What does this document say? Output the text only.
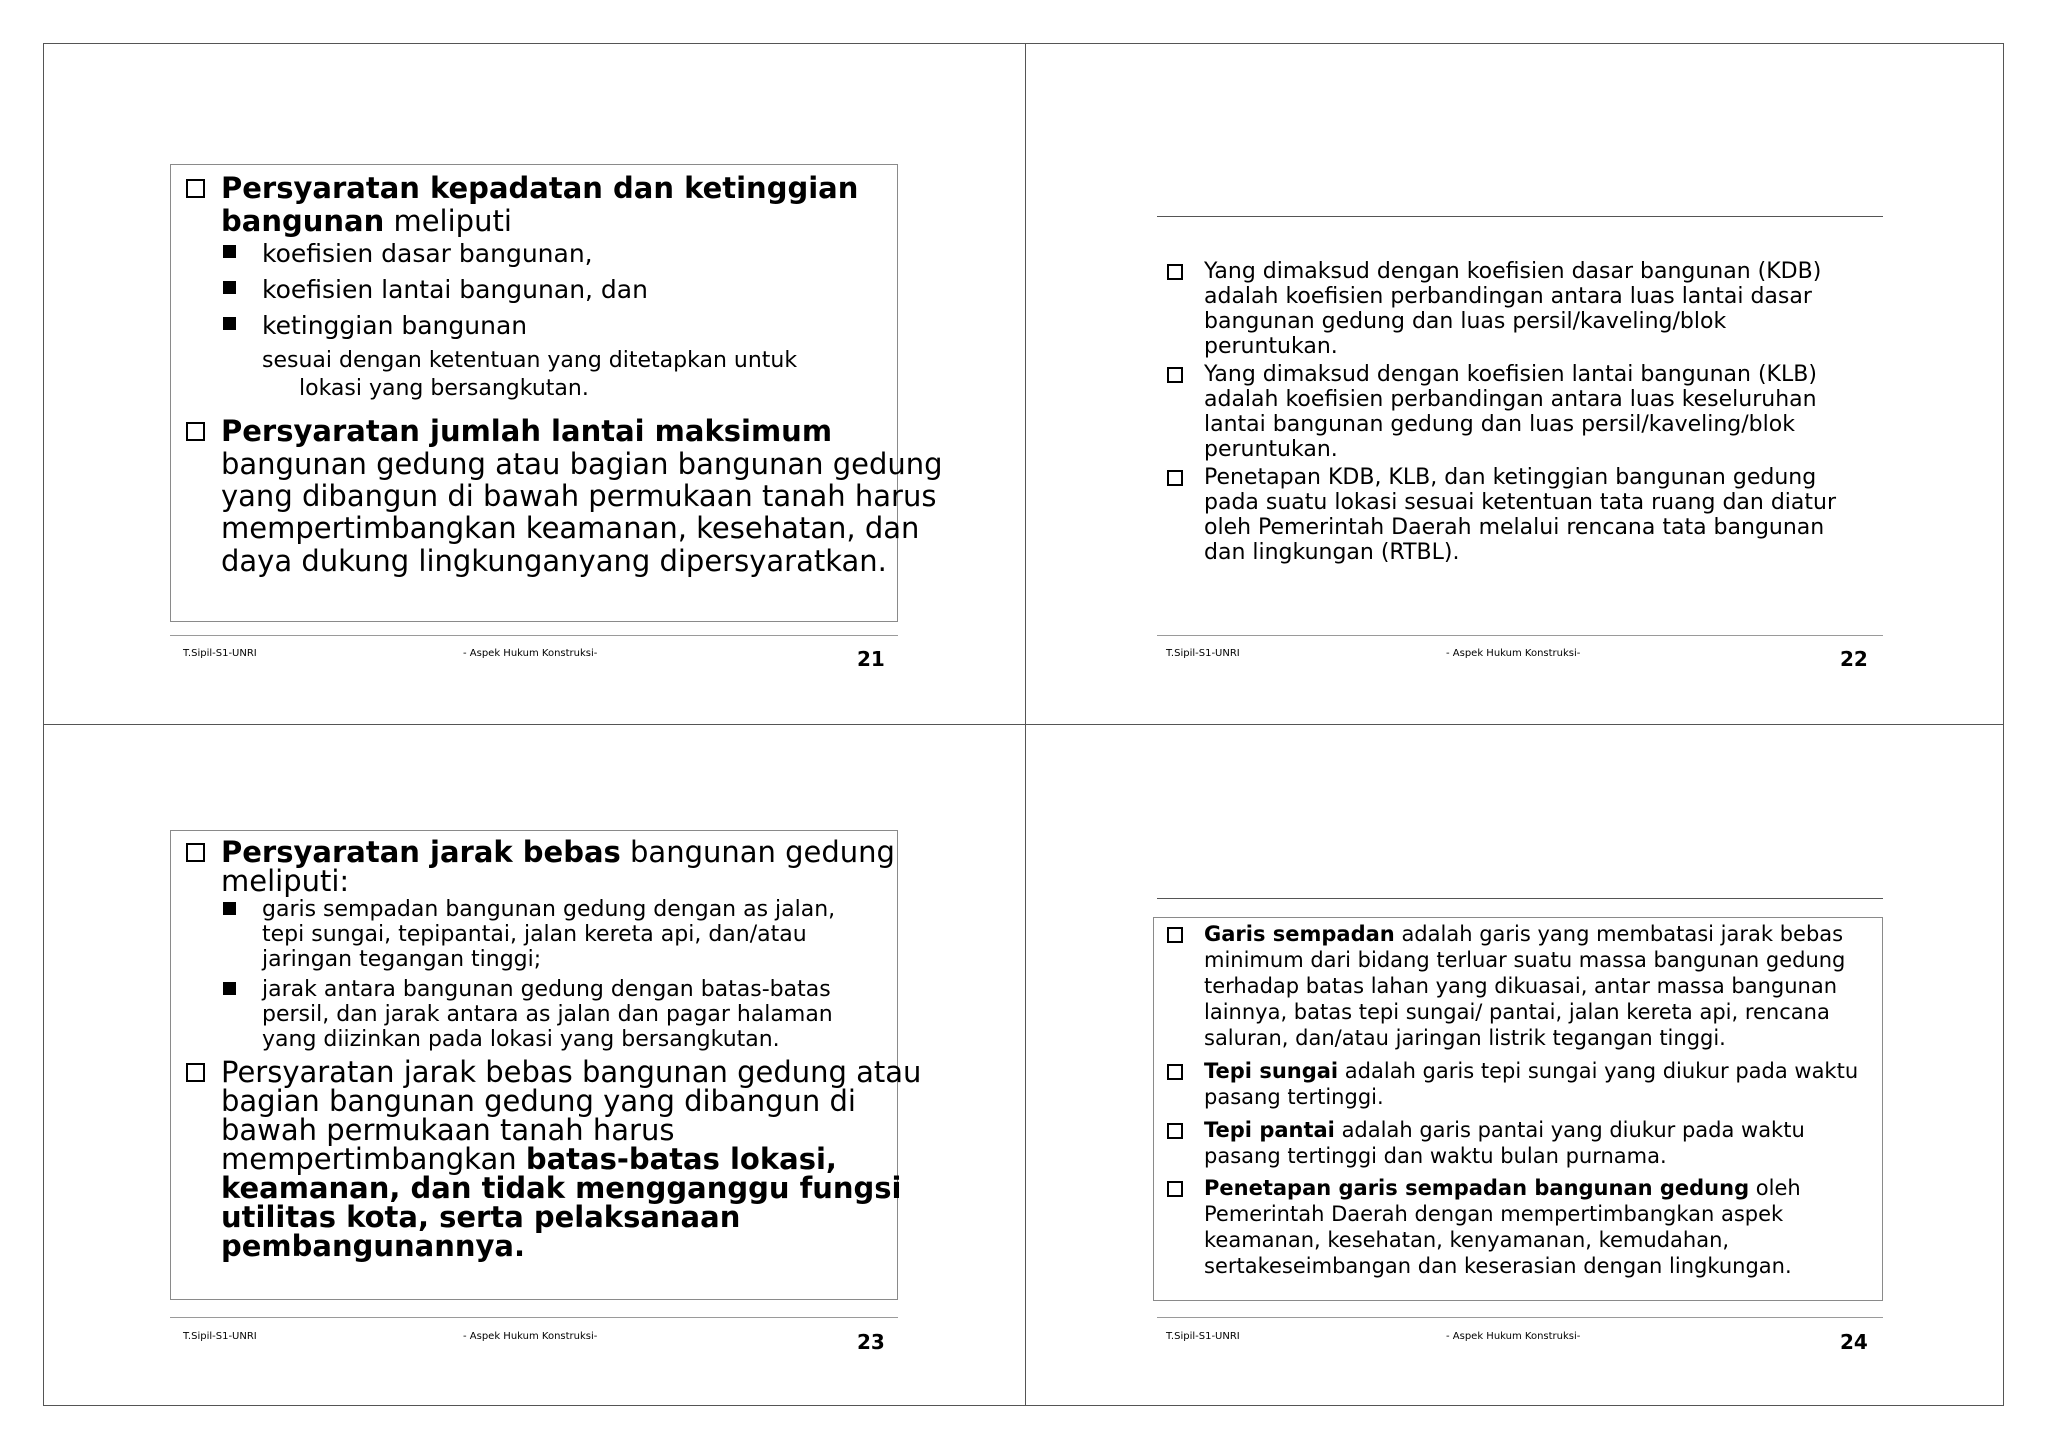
Persyaratan kepadatan dan ketinggian
bangunan meliputi
koefisien dasar bangunan,
koefisien lantai bangunan, dan
ketinggian bangunan
sesuai dengan ketentuan yang ditetapkan untuk
lokasi yang bersangkutan.
Persyaratan jumlah lantai maksimum
bangunan gedung atau bagian bangunan gedung
yang dibangun di bawah permukaan tanah harus
mempertimbangkan keamanan, kesehatan, dan
daya dukung lingkunganyang dipersyaratkan.
T.Sipil-S1-UNRI	- Aspek Hukum Konstruksi-	21
Yang dimaksud dengan koefisien dasar bangunan (KDB)
adalah koefisien perbandingan antara luas lantai dasar
bangunan gedung dan luas persil/kaveling/blok
peruntukan.
Yang dimaksud dengan koefisien lantai bangunan (KLB)
adalah koefisien perbandingan antara luas keseluruhan
lantai bangunan gedung dan luas persil/kaveling/blok
peruntukan.
Penetapan KDB, KLB, dan ketinggian bangunan gedung
pada suatu lokasi sesuai ketentuan tata ruang dan diatur
oleh Pemerintah Daerah melalui rencana tata bangunan
dan lingkungan (RTBL).
T.Sipil-S1-UNRI	- Aspek Hukum Konstruksi-	22
Persyaratan jarak bebas bangunan gedung
meliputi:
garis sempadan bangunan gedung dengan as jalan,
tepi sungai, tepipantai, jalan kereta api, dan/atau
jaringan tegangan tinggi;
jarak antara bangunan gedung dengan batas-batas
persil, dan jarak antara as jalan dan pagar halaman
yang diizinkan pada lokasi yang bersangkutan.
Persyaratan jarak bebas bangunan gedung atau
bagian bangunan gedung yang dibangun di
bawah permukaan tanah harus
mempertimbangkan batas-batas lokasi,
keamanan, dan tidak mengganggu fungsi
utilitas kota, serta pelaksanaan
pembangunannya.
T.Sipil-S1-UNRI	- Aspek Hukum Konstruksi-	23
Garis sempadan adalah garis yang membatasi jarak bebas
minimum dari bidang terluar suatu massa bangunan gedung
terhadap batas lahan yang dikuasai, antar massa bangunan
lainnya, batas tepi sungai/ pantai, jalan kereta api, rencana
saluran, dan/atau jaringan listrik tegangan tinggi.
Tepi sungai adalah garis tepi sungai yang diukur pada waktu
pasang tertinggi.
Tepi pantai adalah garis pantai yang diukur pada waktu
pasang tertinggi dan waktu bulan purnama.
Penetapan garis sempadan bangunan gedung oleh
Pemerintah Daerah dengan mempertimbangkan aspek
keamanan, kesehatan, kenyamanan, kemudahan,
sertakeseimbangan dan keserasian dengan lingkungan.
T.Sipil-S1-UNRI	- Aspek Hukum Konstruksi-	24
